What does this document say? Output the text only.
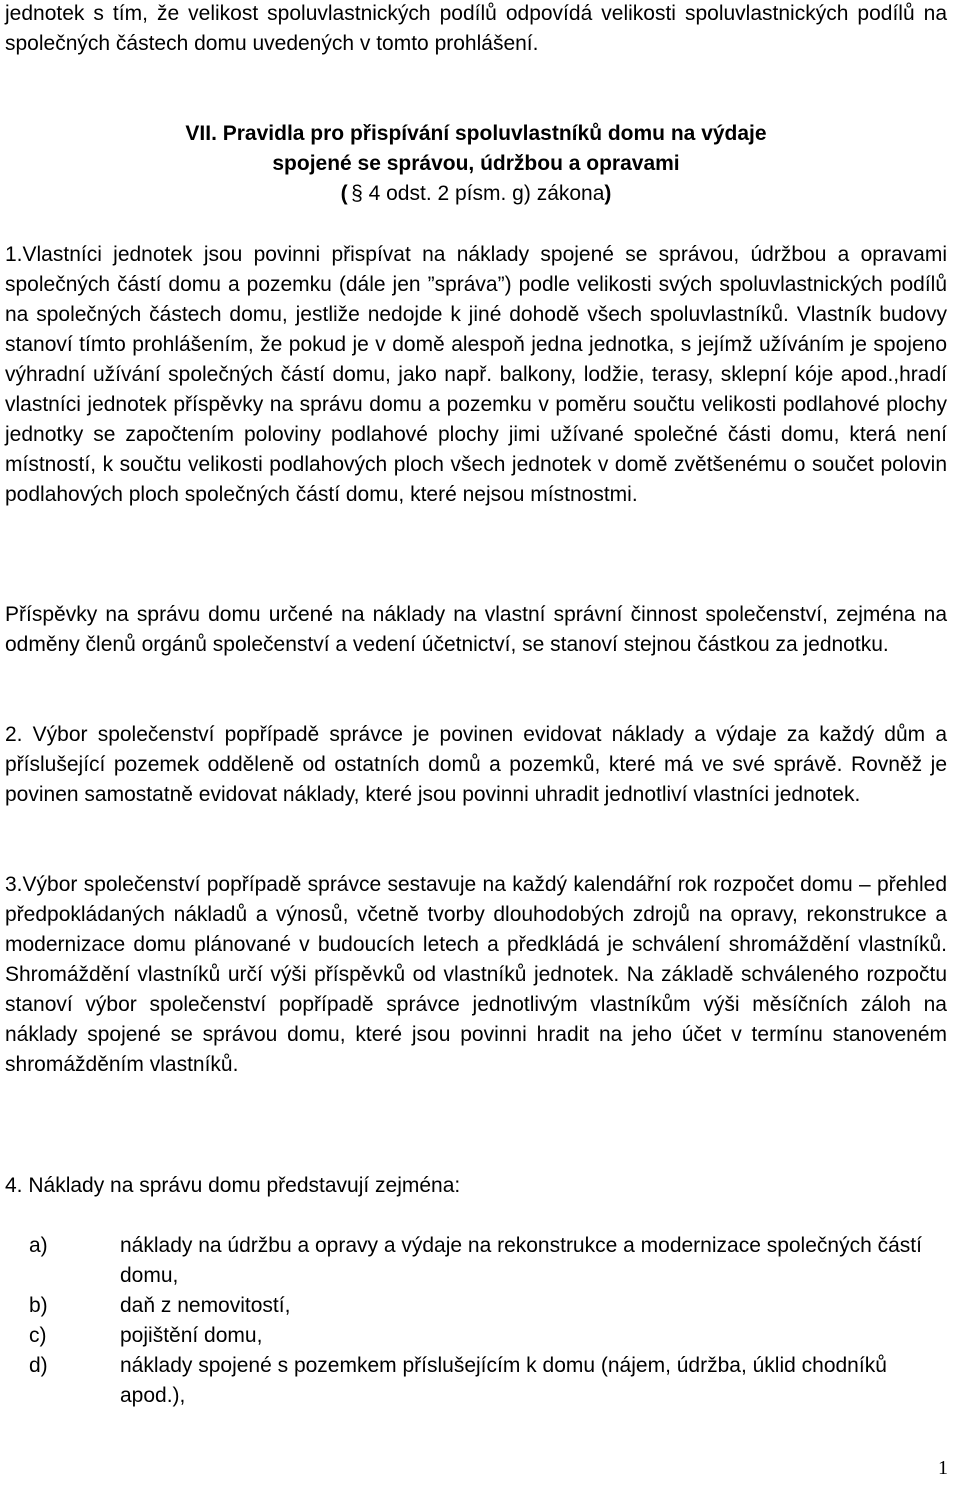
jednotek s tím, že velikost spoluvlastnických podílů odpovídá velikosti spoluvlastnických podílů na společných částech domu uvedených v tomto prohlášení.

VII. Pravidla pro přispívání spoluvlastníků domu na výdaje
spojené se správou, údržbou a opravami
( § 4 odst. 2 písm. g) zákona)

1.Vlastníci jednotek jsou povinni přispívat na náklady spojené se správou, údržbou a opravami společných částí domu a pozemku (dále jen ”správa”) podle velikosti svých spoluvlastnických podílů na společných částech domu, jestliže nedojde k jiné dohodě všech spoluvlastníků. Vlastník budovy stanoví tímto prohlášením, že pokud je v domě alespoň jedna jednotka, s jejímž užíváním je spojeno výhradní užívání společných částí domu, jako např. balkony, lodžie, terasy, sklepní kóje apod.,hradí vlastníci jednotek příspěvky na správu domu a pozemku v poměru součtu velikosti podlahové plochy jednotky se započtením poloviny podlahové plochy jimi užívané společné části domu, která není místností, k součtu velikosti podlahových ploch všech jednotek v domě zvětšenému o součet polovin podlahových ploch společných částí domu, které nejsou místnostmi.

Příspěvky na správu domu určené na náklady na vlastní správní činnost společenství, zejména na odměny členů orgánů společenství a vedení účetnictví, se stanoví stejnou částkou za jednotku.

2. Výbor společenství popřípadě správce je povinen evidovat náklady a výdaje za každý dům a příslušející pozemek odděleně od ostatních domů a pozemků, které má ve své správě. Rovněž je povinen samostatně evidovat náklady, které jsou povinni uhradit jednotliví vlastníci jednotek.

3.Výbor společenství popřípadě správce sestavuje na každý kalendářní rok rozpočet domu – přehled předpokládaných nákladů a výnosů, včetně tvorby dlouhodobých zdrojů na opravy, rekonstrukce a modernizace domu plánované v budoucích letech a předkládá je schválení shromáždění vlastníků. Shromáždění vlastníků určí výši příspěvků od vlastníků jednotek. Na základě schváleného rozpočtu stanoví výbor společenství popřípadě správce jednotlivým vlastníkům výši měsíčních záloh na náklady spojené se správou domu, které jsou povinni hradit na jeho účet v termínu stanoveném shromážděním vlastníků.

4. Náklady na správu domu představují zejména:

a)	náklady na údržbu a opravy a výdaje na rekonstrukce a modernizace společných částí domu,
b)	daň z nemovitostí,
c)	pojištění domu,
d)	náklady spojené s pozemkem příslušejícím k domu (nájem, údržba, úklid chodníků apod.),
1
